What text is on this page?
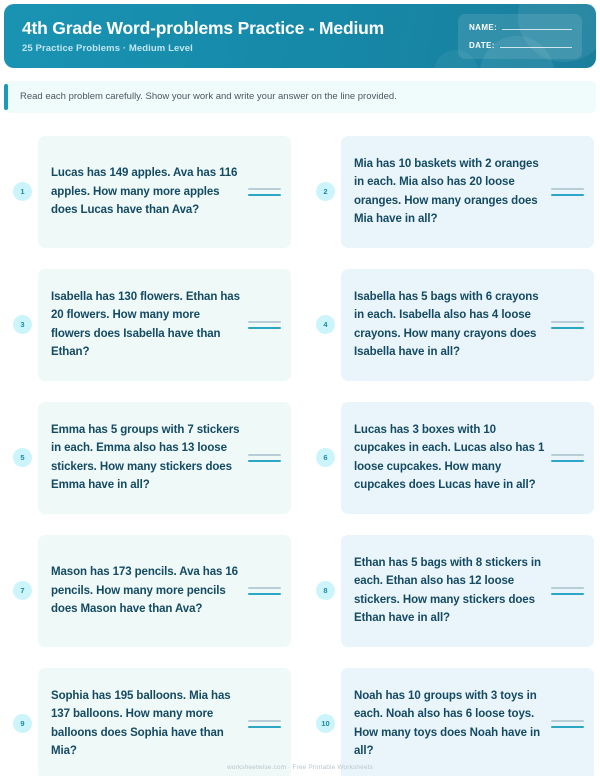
4th Grade Word-problems Practice - Medium
25 Practice Problems · Medium Level
NAME:
DATE:
Read each problem carefully. Show your work and write your answer on the line provided.
1
Lucas has 149 apples. Ava has 116 apples. How many more apples does Lucas have than Ava?
2
Mia has 10 baskets with 2 oranges in each. Mia also has 20 loose oranges. How many oranges does Mia have in all?
3
Isabella has 130 flowers. Ethan has 20 flowers. How many more flowers does Isabella have than Ethan?
4
Isabella has 5 bags with 6 crayons in each. Isabella also has 4 loose crayons. How many crayons does Isabella have in all?
5
Emma has 5 groups with 7 stickers in each. Emma also has 13 loose stickers. How many stickers does Emma have in all?
6
Lucas has 3 boxes with 10 cupcakes in each. Lucas also has 1 loose cupcakes. How many cupcakes does Lucas have in all?
7
Mason has 173 pencils. Ava has 16 pencils. How many more pencils does Mason have than Ava?
8
Ethan has 5 bags with 8 stickers in each. Ethan also has 12 loose stickers. How many stickers does Ethan have in all?
9
Sophia has 195 balloons. Mia has 137 balloons. How many more balloons does Sophia have than Mia?
10
Noah has 10 groups with 3 toys in each. Noah also has 6 loose toys. How many toys does Noah have in all?
worksheetwise.com · Free Printable Worksheets
